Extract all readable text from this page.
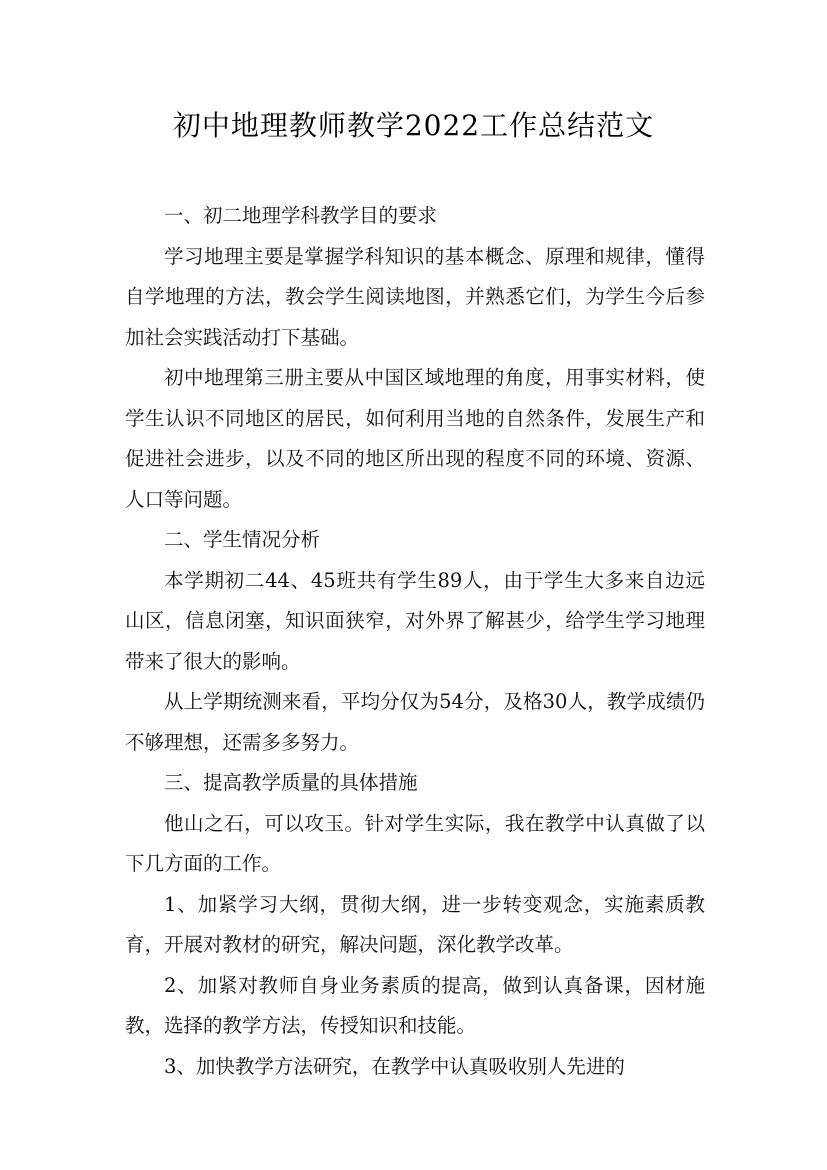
初中地理教师教学2022工作总结范文

一、初二地理学科教学目的要求

学习地理主要是掌握学科知识的基本概念、原理和规律，懂得自学地理的方法，教会学生阅读地图，并熟悉它们，为学生今后参加社会实践活动打下基础。

初中地理第三册主要从中国区域地理的角度，用事实材料，使学生认识不同地区的居民，如何利用当地的自然条件，发展生产和促进社会进步，以及不同的地区所出现的程度不同的环境、资源、人口等问题。

二、学生情况分析

本学期初二44、45班共有学生89人，由于学生大多来自边远山区，信息闭塞，知识面狭窄，对外界了解甚少，给学生学习地理带来了很大的影响。

从上学期统测来看，平均分仅为54分，及格30人，教学成绩仍不够理想，还需多多努力。

三、提高教学质量的具体措施

他山之石，可以攻玉。针对学生实际，我在教学中认真做了以下几方面的工作。

1、加紧学习大纲，贯彻大纲，进一步转变观念，实施素质教育，开展对教材的研究，解决问题，深化教学改革。

2、加紧对教师自身业务素质的提高，做到认真备课，因材施教，选择的教学方法，传授知识和技能。

3、加快教学方法研究，在教学中认真吸收别人先进的
